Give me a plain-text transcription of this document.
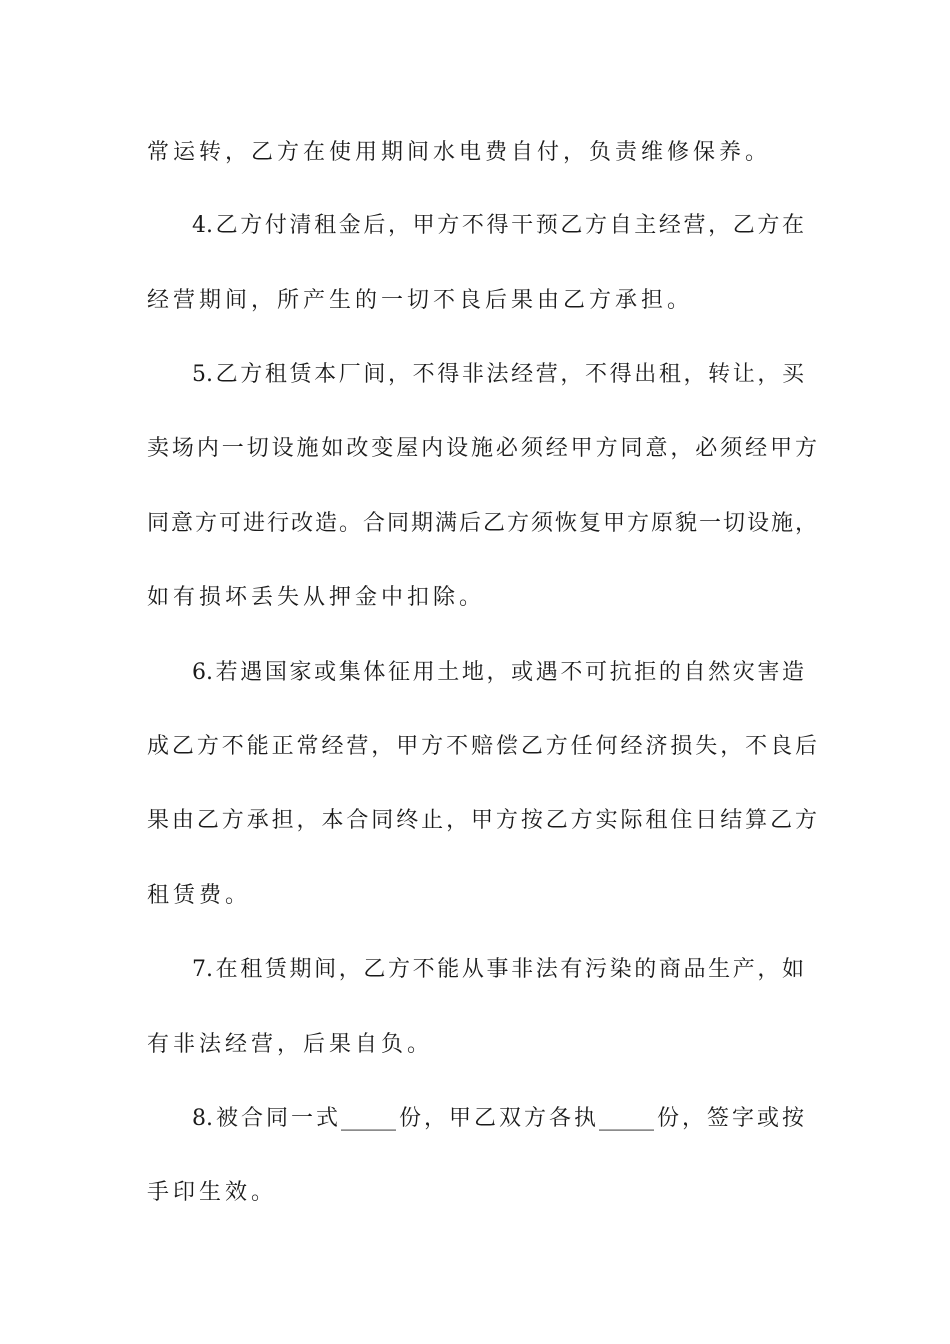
常运转，乙方在使用期间水电费自付，负责维修保养。
4.乙方付清租金后，甲方不得干预乙方自主经营，乙方在
经营期间，所产生的一切不良后果由乙方承担。
5.乙方租赁本厂间，不得非法经营，不得出租，转让，买
卖场内一切设施如改变屋内设施必须经甲方同意，必须经甲方
同意方可进行改造。合同期满后乙方须恢复甲方原貌一切设施，
如有损坏丢失从押金中扣除。
6.若遇国家或集体征用土地，或遇不可抗拒的自然灾害造
成乙方不能正常经营，甲方不赔偿乙方任何经济损失，不良后
果由乙方承担，本合同终止，甲方按乙方实际租住日结算乙方
租赁费。
7.在租赁期间，乙方不能从事非法有污染的商品生产，如
有非法经营，后果自负。
8.被合同一式_____份，甲乙双方各执_____份，签字或按
手印生效。
